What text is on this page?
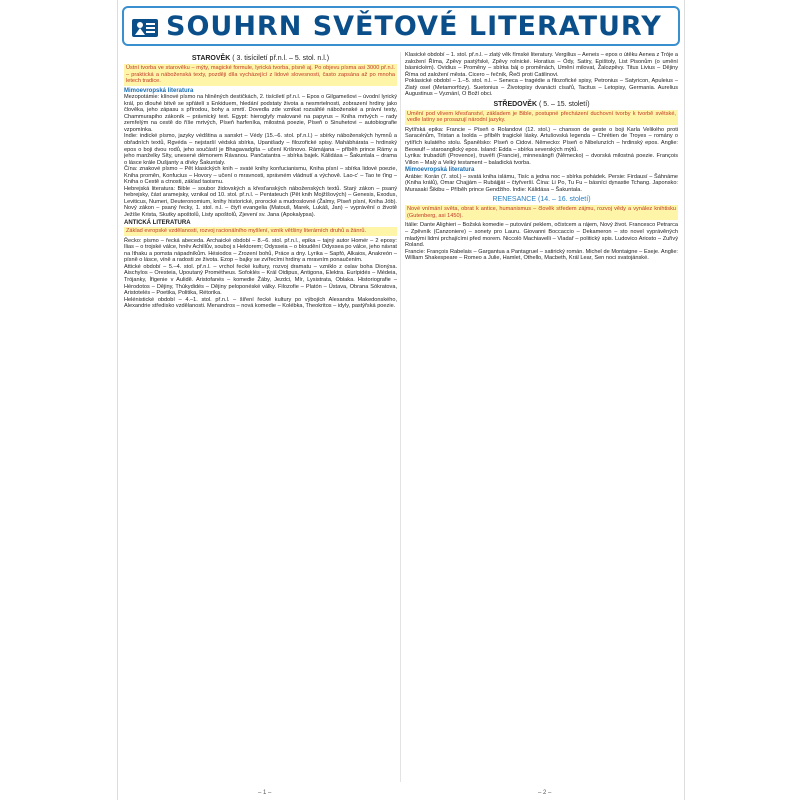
SOUHRN SVĚTOVÉ LITERATURY
STAROVĚK ( 3. tisíciletí př.n.l. – 5. stol. n.l.)
Ústní tvorba ve starověku – mýty, magické formule, lyrická tvorba, písně aj. Po objevu písma asi 3000 př.n.l. – praktická a náboženská texty, později díla vycházející z lidové slovesnosti, často zapsána až po mnoha letech tradice.
Mimoevropská literatura

Mezopotámie: klínové písmo na hliněných destičkách, 2. tisíciletí př.n.l. – Epos o Gilgamešovi – úvodní lyrický král, po dlouhé bitvě se spřátelí s Enkiduem, hledání podstaty života a nesmrtelnosti, zobrazení hrdiny jako člověka, jeho zápasu s přírodou, bohy a smrtí. Dovedla zde vznikat rozsáhlé náboženské a právní texty, Chammurapiho zákoník – právnický text. Egypt: hieroglyfy malované na papyrus – Kniha mrtvých – rady zemřelým na cestě do říše mrtvých, Píseň harfeníka, milostná poezie, Píseň o Sinuhetovi – autobiografie vzpomínka.

Indie: indické písmo, jazyky védština a sanskrt – Védy (15.–6. stol. př.n.l.) – sbírky náboženských hymnů a obřadních textů, Rgvéda – nejstarší védská sbírka, Upanišady – filozofické spisy. Mahábhárata – hrdinský epos o boji dvou rodů, jeho součástí je Bhagavadgíta – učení Krišnovo. Rámájana – příběh prince Rámy a jeho manželky Síty, unesené démonem Rávanou. Pančatantra – sbírka bajek. Kálidása – Šakuntala – drama o lásce krále Dušjanty a dívky Šakuntaly.

Čína: znakové písmo – Pět klasických knih – svaté knihy konfucianismu, Kniha písní – sbírka lidové poezie, Kniha proměn, Konfucius – Hovory – učení o mravnosti, správném vládnutí a výchově. Lao-c' – Tao te ťing – Kniha o Cestě a ctnosti, základ taoismu.

Hebrejská literatura: Bible – soubor židovských a křesťanských náboženských textů. Starý zákon – psaný hebrejsky, část aramejsky, vznikal od 10. stol. př.n.l. – Pentateuch (Pět knih Mojžíšových) – Genesis, Exodus, Leviticus, Numeri, Deuteronomium, knihy historické, prorocké a mudroslovné (Žalmy, Píseň písní, Kniha Jób). Nový zákon – psaný řecky, 1. stol. n.l. – čtyři evangelia (Matouš, Marek, Lukáš, Jan) – vyprávění o životě Ježíše Krista, Skutky apoštolů, Listy apoštolů, Zjevení sv. Jana (Apokalypsa).

ANTICKÁ LITERATURA
Základ evropské vzdělanosti, rozvoj racionálního myšlení, vznik většiny literárních druhů a žánrů.

Řecko: písmo – řecká abeceda. Archaické období – 8.–6. stol. př.n.l., epika – tajný autor Homér – 2 eposy: Ilias – o trojské válce, hněv Achillův, souboj s Hektorem; Odysseia – o bloudění Odyssea po válce, jeho návrat na Ithaku a pomsta nápadníkům. Hésiodos – Zrození bohů, Práce a dny. Lyrika – Sapfó, Alkaios, Anakreón – písně o lásce, víně a radosti ze života. Ezop – bajky se zvířecími hrdiny a mravním ponaučením.

Attické období – 5.–4. stol. př.n.l. – vrchol řecké kultury, rozvoj dramatu – vzniklo z oslav boha Dionýsa. Aischylos – Oresteia, Upoutaný Prométheus. Sofoklés – Král Oidipus, Antigona, Elektra. Eurípidés – Médeia, Trójanky, Ífigenie v Aulidě. Aristofanés – komedie Žáby, Jezdci, Mír, Lysistrata, Oblaka. Historiografie – Hérodotos – Dějiny, Thúkydidés – Dějiny peloponéské války. Filozofie – Platón – Ústava, Obrana Sókratova, Aristotelés – Poetika, Politika, Rétorika.

Helénistické období – 4.–1. stol. př.n.l. – šíření řecké kultury po výbojích Alexandra Makedonského, Alexandrie středisko vzdělanosti. Menandros – nová komedie – Kolébka, Theokritos – idyly, pastýřská poezie.

Klasické období – 1. stol. př.n.l. – zlatý věk římské literatury. Vergilius – Aeneis – epos o útěku Aenea z Tróje a založení Říma, Zpěvy pastýřské, Zpěvy rolnické. Horatius – Ódy, Satiry, Epištoly, List Pisonům (o umění básnickém). Ovidius – Proměny – sbírka báj o proměnách, Umění milovat, Žalozpěvy. Titus Livius – Dějiny Říma od založení města. Cicero – řečník, Řeči proti Catilinovi.

Poklasické období – 1.–5. stol. n.l. – Seneca – tragédie a filozofické spisy, Petronius – Satyricon, Apuleius – Zlatý osel (Metamorfózy). Suetonius – Životopisy dvanácti císařů, Tacitus – Letopisy, Germania. Aurelius Augustinus – Vyznání, O Boží obci.

STŘEDOVĚK ( 5. – 15. století)
Umění pod vlivem křesťanství, základem je Bible, postupné přecházení duchovní tvorby k tvorbě světské, vedle latiny se prosazují národní jazyky.

Rytířská epika: Francie – Píseň o Rolandovi (12. stol.) – chanson de geste o boji Karla Velikého proti Saracénům, Tristan a Isolda – příběh tragické lásky. Artušovská legenda – Chrétien de Troyes – romány o rytířích kulatého stolu. Španělsko: Píseň o Cidovi. Německo: Píseň o Nibelunzích – hrdinský epos. Anglie: Beowulf – staroanglický epos. Island: Edda – sbírka severských mýtů.

Lyrika: trubadúři (Provence), truvéři (Francie), minnesängři (Německo) – dvorská milostná poezie. François Villon – Malý a Velký testament – baladická tvorba.

Mimoevropská literatura

Arábie: Korán (7. stol.) – svatá kniha islámu, Tisíc a jedna noc – sbírka pohádek. Persie: Firdausí – Šáhnáme (Kniha králů), Omar Chajjám – Rubáijját – čtyřverší. Čína: Li Po, Tu Fu – básníci dynastie Tchang. Japonsko: Murasaki Šikibu – Příběh prince Gendžiho. Indie: Kálidása – Šakuntala.

RENESANCE (14. – 16. století)
Nové vnímání světa, obrat k antice, humanismus – člověk středem zájmu, rozvoj vědy a vynález knihtisku (Gutenberg, asi 1450).

Itálie: Dante Alighieri – Božská komedie – putování peklem, očistcem a rájem, Nový život. Francesco Petrarca – Zpěvník (Canzoniere) – sonety pro Lauru. Giovanni Boccaccio – Dekameron – sto novel vyprávěných mladými lidmi prchajícími před morem. Niccolò Machiavelli – Vladař – politický spis. Ludovico Ariosto – Zuřivý Roland.

Francie: François Rabelais – Gargantua a Pantagruel – satirický román. Michel de Montaigne – Eseje. Anglie: William Shakespeare – Romeo a Julie, Hamlet, Othello, Macbeth, Král Lear, Sen noci svatojánské.

– 1 –	– 2 –
